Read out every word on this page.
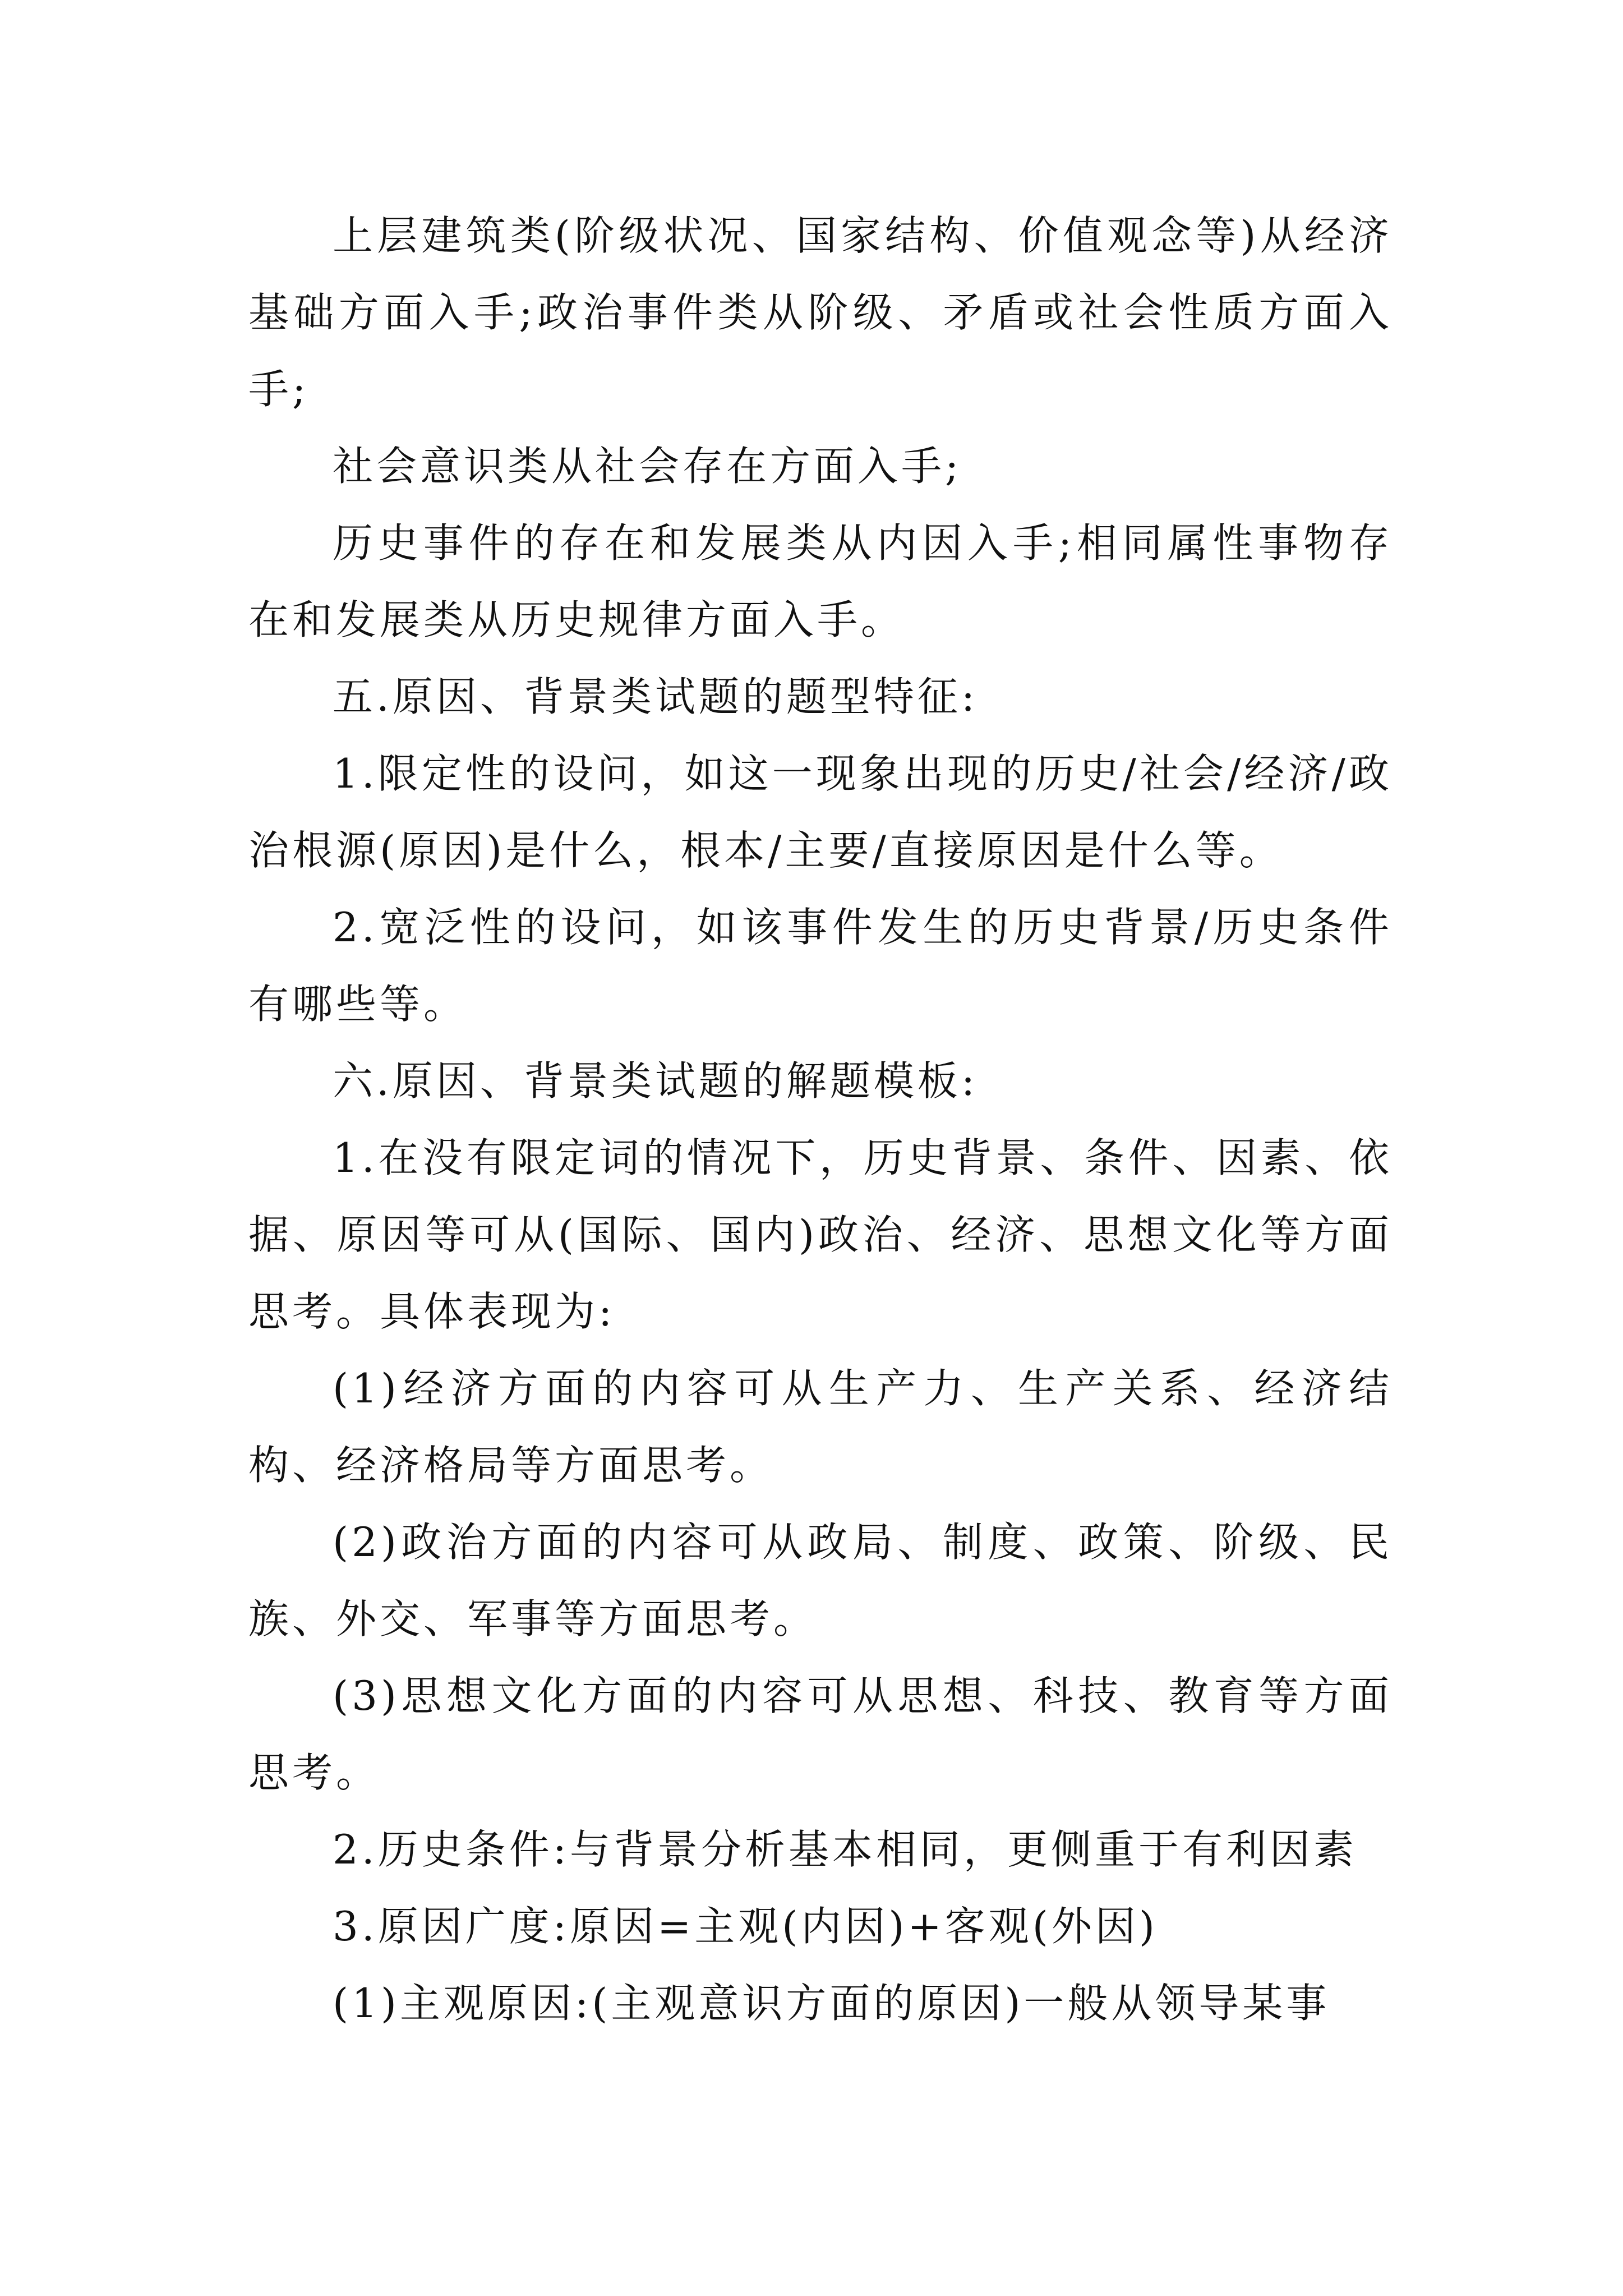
上层建筑类(阶级状况、国家结构、价值观念等)从经济基础方面入手;政治事件类从阶级、矛盾或社会性质方面入手;

社会意识类从社会存在方面入手;

历史事件的存在和发展类从内因入手;相同属性事物存在和发展类从历史规律方面入手。

五.原因、背景类试题的题型特征:

1.限定性的设问，如这一现象出现的历史/社会/经济/政治根源(原因)是什么，根本/主要/直接原因是什么等。

2.宽泛性的设问，如该事件发生的历史背景/历史条件有哪些等。

六.原因、背景类试题的解题模板:

1.在没有限定词的情况下，历史背景、条件、因素、依据、原因等可从(国际、国内)政治、经济、思想文化等方面思考。具体表现为:

(1)经济方面的内容可从生产力、生产关系、经济结构、经济格局等方面思考。

(2)政治方面的内容可从政局、制度、政策、阶级、民族、外交、军事等方面思考。

(3)思想文化方面的内容可从思想、科技、教育等方面思考。

2.历史条件:与背景分析基本相同，更侧重于有利因素

3.原因广度:原因=主观(内因)+客观(外因)

(1)主观原因:(主观意识方面的原因)一般从领导某事
